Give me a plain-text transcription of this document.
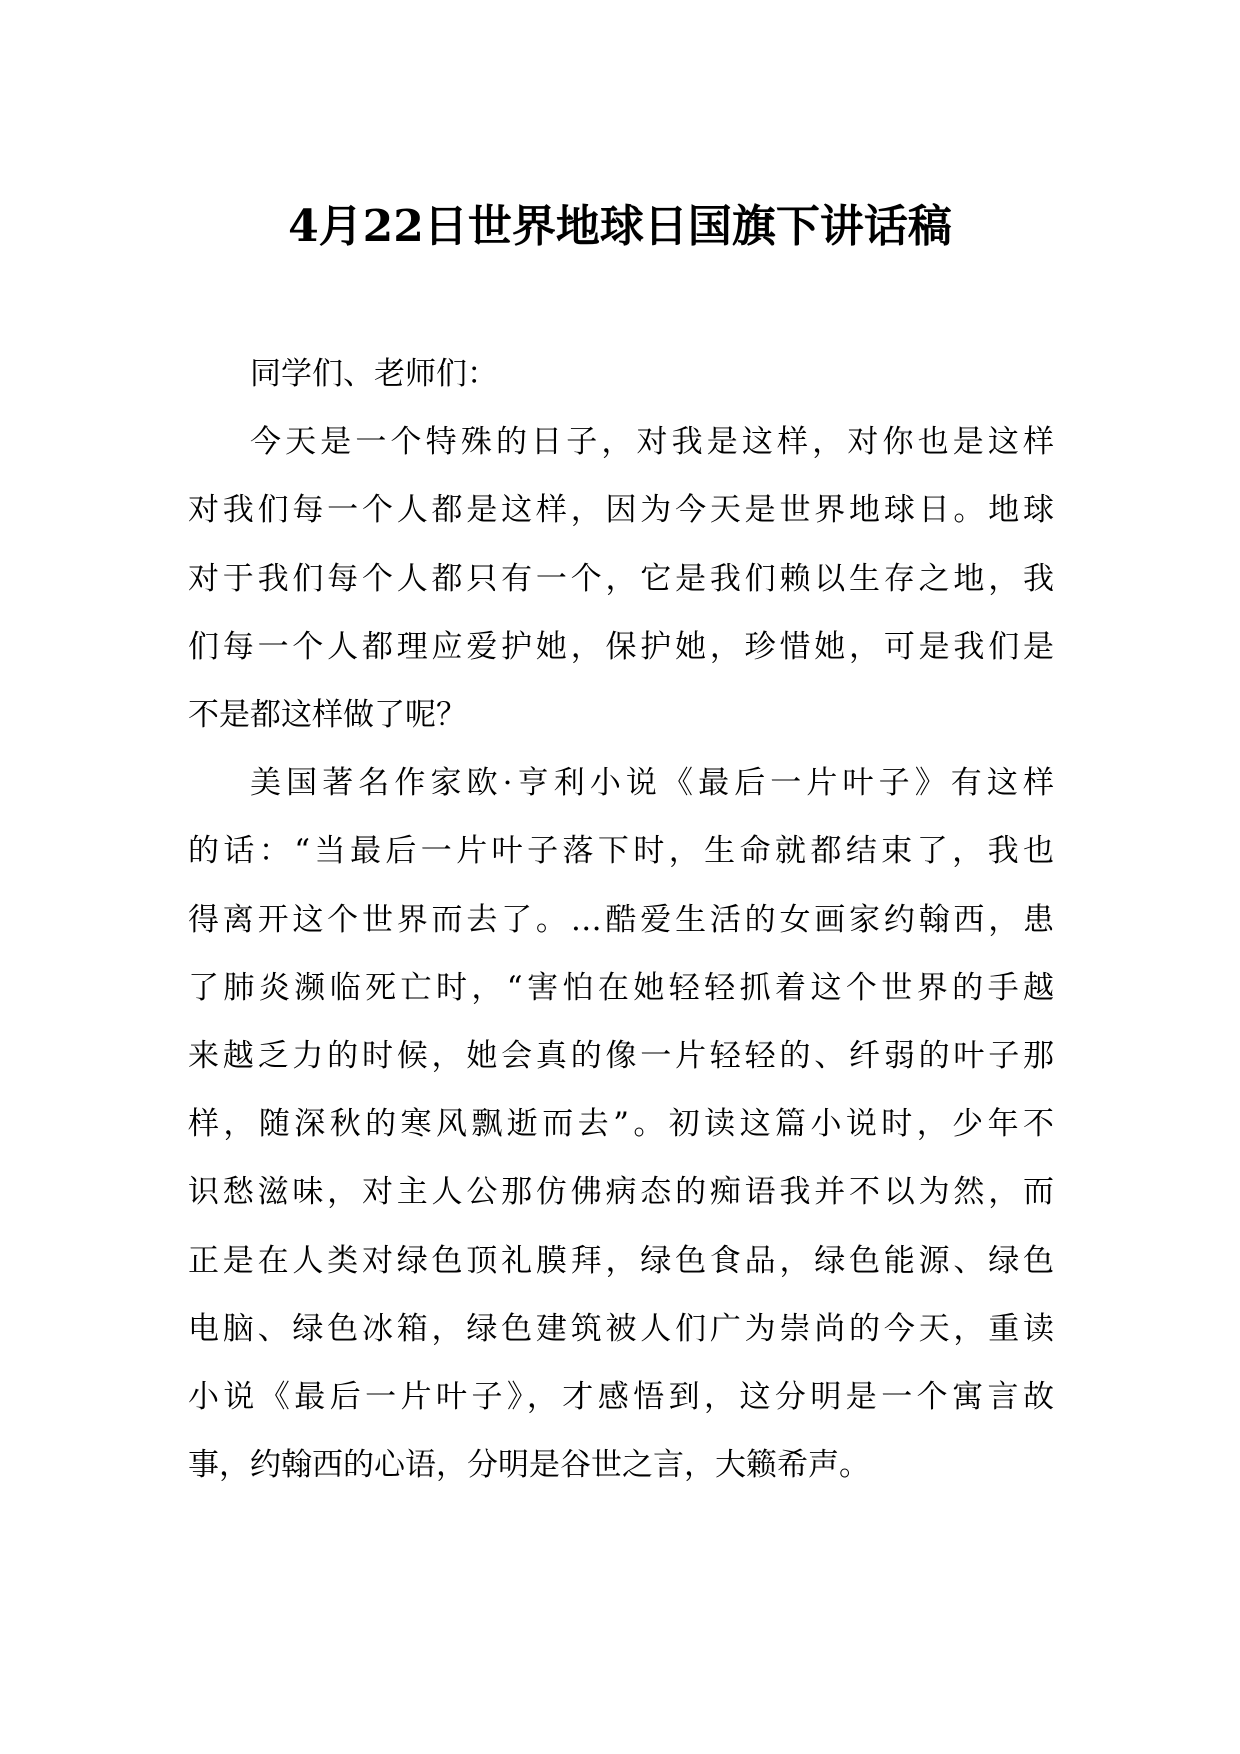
4月22日世界地球日国旗下讲话稿

同学们、老师们：

今天是一个特殊的日子，对我是这样，对你也是这样
对我们每一个人都是这样，因为今天是世界地球日。地球
对于我们每个人都只有一个，它是我们赖以生存之地，我
们每一个人都理应爱护她，保护她，珍惜她，可是我们是
不是都这样做了呢？

美国著名作家欧·亨利小说《最后一片叶子》有这样
的话：“当最后一片叶子落下时，生命就都结束了，我也
得离开这个世界而去了。…酷爱生活的女画家约翰西，患
了肺炎濒临死亡时，“害怕在她轻轻抓着这个世界的手越
来越乏力的时候，她会真的像一片轻轻的、纤弱的叶子那
样，随深秋的寒风飘逝而去”。初读这篇小说时，少年不
识愁滋味，对主人公那仿佛病态的痴语我并不以为然，而
正是在人类对绿色顶礼膜拜，绿色食品，绿色能源、绿色
电脑、绿色冰箱，绿色建筑被人们广为崇尚的今天，重读
小说《最后一片叶子》，才感悟到，这分明是一个寓言故
事，约翰西的心语，分明是谷世之言，大籁希声。
